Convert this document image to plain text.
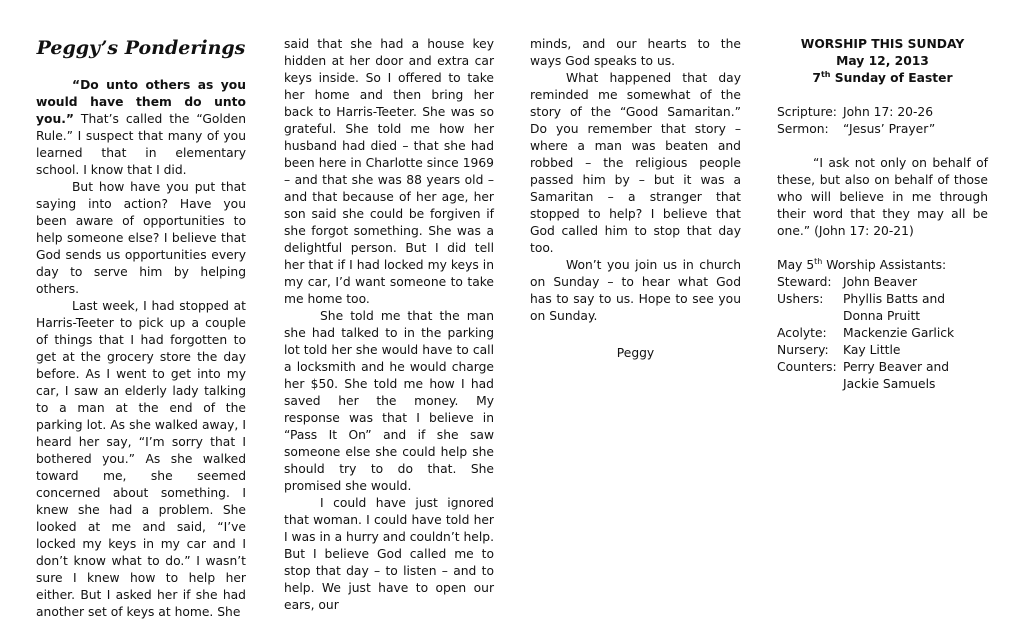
Peggy’s Ponderings

“Do unto others as you would have them do unto you.” That’s called the “Golden Rule.” I suspect that many of you learned that in elementary school. I know that I did.

But how have you put that saying into action? Have you been aware of opportunities to help someone else? I believe that God sends us opportunities every day to serve him by helping others.

Last week, I had stopped at Harris-Teeter to pick up a couple of things that I had forgotten to get at the grocery store the day before. As I went to get into my car, I saw an elderly lady talking to a man at the end of the parking lot. As she walked away, I heard her say, “I’m sorry that I bothered you.” As she walked toward me, she seemed concerned about something. I knew she had a problem. She looked at me and said, “I’ve locked my keys in my car and I don’t know what to do.” I wasn’t sure I knew how to help her either. But I asked her if she had another set of keys at home. She

said that she had a house key hidden at her door and extra car keys inside. So I offered to take her home and then bring her back to Harris-Teeter. She was so grateful. She told me how her husband had died – that she had been here in Charlotte since 1969 – and that she was 88 years old – and that because of her age, her son said she could be forgiven if she forgot something. She was a delightful person. But I did tell her that if I had locked my keys in my car, I’d want someone to take me home too.

She told me that the man she had talked to in the parking lot told her she would have to call a locksmith and he would charge her $50. She told me how I had saved her the money. My response was that I believe in “Pass It On” and if she saw someone else she could help she should try to do that. She promised she would.

I could have just ignored that woman. I could have told her I was in a hurry and couldn’t help. But I believe God called me to stop that day – to listen – and to help. We just have to open our ears, our

minds, and our hearts to the ways God speaks to us.

What happened that day reminded me somewhat of the story of the “Good Samaritan.” Do you remember that story – where a man was beaten and robbed – the religious people passed him by – but it was a Samaritan – a stranger that stopped to help? I believe that God called him to stop that day too.

Won’t you join us in church on Sunday – to hear what God has to say to us. Hope to see you on Sunday.

Peggy
WORSHIP THIS SUNDAY
May 12, 2013
7th Sunday of Easter
Scripture: John 17: 20-26
Sermon:	“Jesus’ Prayer”

“I ask not only on behalf of these, but also on behalf of those who will believe in me through their word that they may all be one.” (John 17: 20-21)

May 5th Worship Assistants:
Steward: John Beaver
Ushers:	Phyllis Batts and
Donna Pruitt
Acolyte:	Mackenzie Garlick
Nursery:	Kay Little
Counters: Perry Beaver and
Jackie Samuels
